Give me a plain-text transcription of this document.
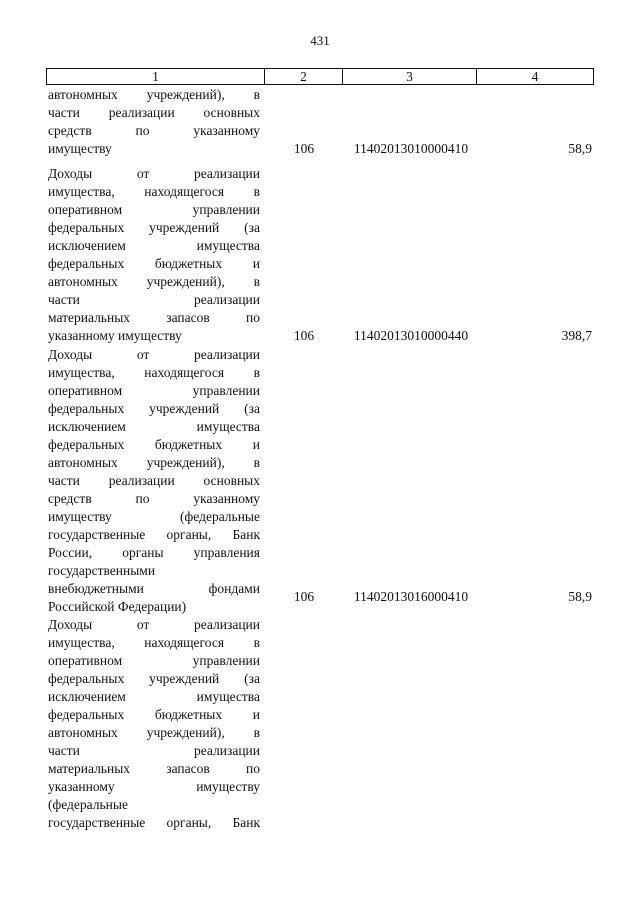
431
1	2	3	4
автономных учреждений), в
части реализации основных
средств по указанному
имуществу	106	11402013010000410	58,9
Доходы от реализации
имущества, находящегося в
оперативном управлении
федеральных учреждений (за
исключением имущества
федеральных бюджетных и
автономных учреждений), в
части реализации
материальных запасов по
указанному имуществу	106	11402013010000440	398,7
Доходы от реализации
имущества, находящегося в
оперативном управлении
федеральных учреждений (за
исключением имущества
федеральных бюджетных и
автономных учреждений), в
части реализации основных
средств по указанному
имуществу (федеральные
государственные органы, Банк
России, органы управления
государственными
внебюджетными фондами
Российской Федерации)
106	11402013016000410	58,9
Доходы от реализации
имущества, находящегося в
оперативном управлении
федеральных учреждений (за
исключением имущества
федеральных бюджетных и
автономных учреждений), в
части реализации
материальных запасов по
указанному имуществу
(федеральные
государственные органы, Банк
